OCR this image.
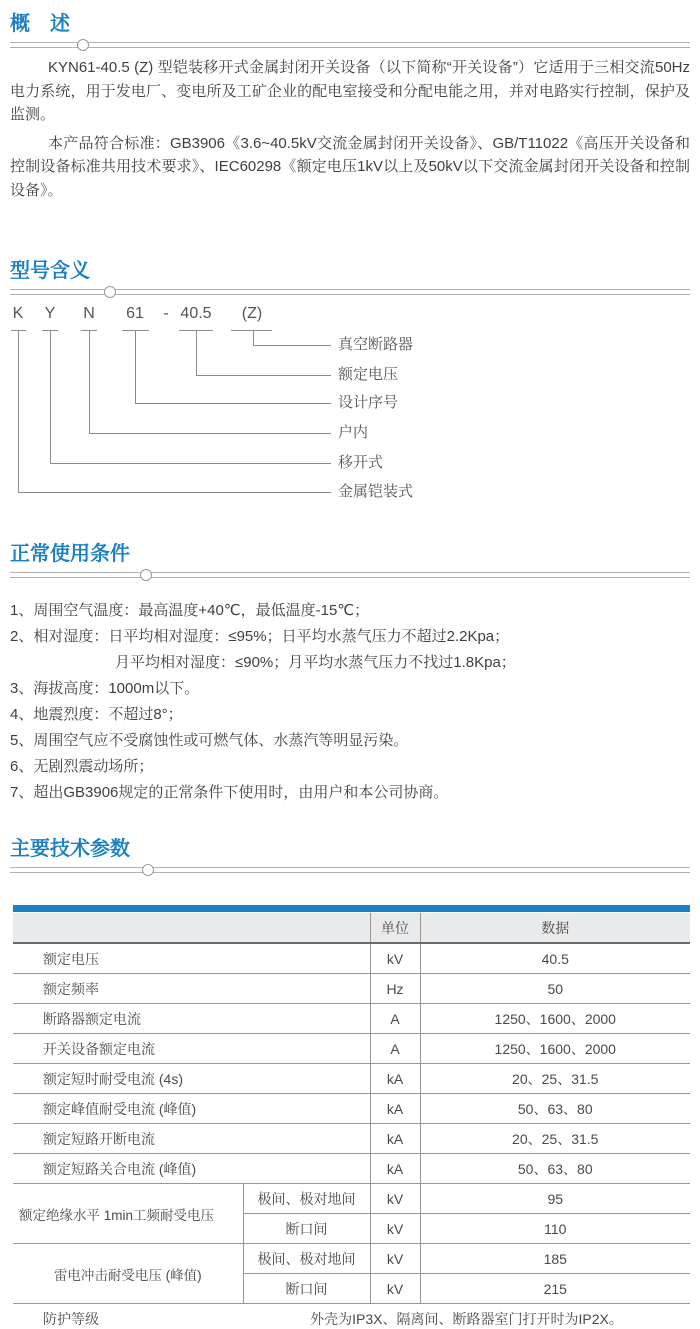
概　述

KYN61-40.5 (Z) 型铠装移开式金属封闭开关设备（以下简称“开关设备”）它适用于三相交流50Hz电力系统，用于发电厂、变电所及工矿企业的配电室接受和分配电能之用，并对电路实行控制，保护及监测。

本产品符合标准：GB3906《3.6~40.5kV交流金属封闭开关设备》、GB/T11022《高压开关设备和控制设备标准共用技术要求》、IEC60298《额定电压1kV以上及50kV以下交流金属封闭开关设备和控制设备》。

型号含义
K Y N 61 - 40.5 (Z)
真空断路器
额定电压
设计序号
户内
移开式
金属铠装式
正常使用条件
1、周围空气温度：最高温度+40℃，最低温度-15℃；
2、相对湿度：日平均相对湿度：≤95%；日平均水蒸气压力不超过2.2Kpa；
月平均相对湿度：≤90%；月平均水蒸气压力不找过1.8Kpa；
3、海拔高度：1000m以下。
4、地震烈度：不超过8°；
5、周围空气应不受腐蚀性或可燃气体、水蒸汽等明显污染。
6、无剧烈震动场所；
7、超出GB3906规定的正常条件下使用时，由用户和本公司协商。
主要技术参数
		单位	数据
额定电压		kV	40.5
额定频率		Hz	50
断路器额定电流		A	1250、1600、2000
开关设备额定电流		A	1250、1600、2000
额定短时耐受电流 (4s)		kA	20、25、31.5
额定峰值耐受电流 (峰值)		kA	50、63、80
额定短路开断电流		kA	20、25、31.5
额定短路关合电流 (峰值)		kA	50、63、80
额定绝缘水平 1min工频耐受电压	极间、极对地间	kV	95
	断口间	kV	110
雷电冲击耐受电压 (峰值)	极间、极对地间	kV	185
	断口间	kV	215
防护等级	外壳为IP3X、隔离间、断路器室门打开时为IP2X。		
